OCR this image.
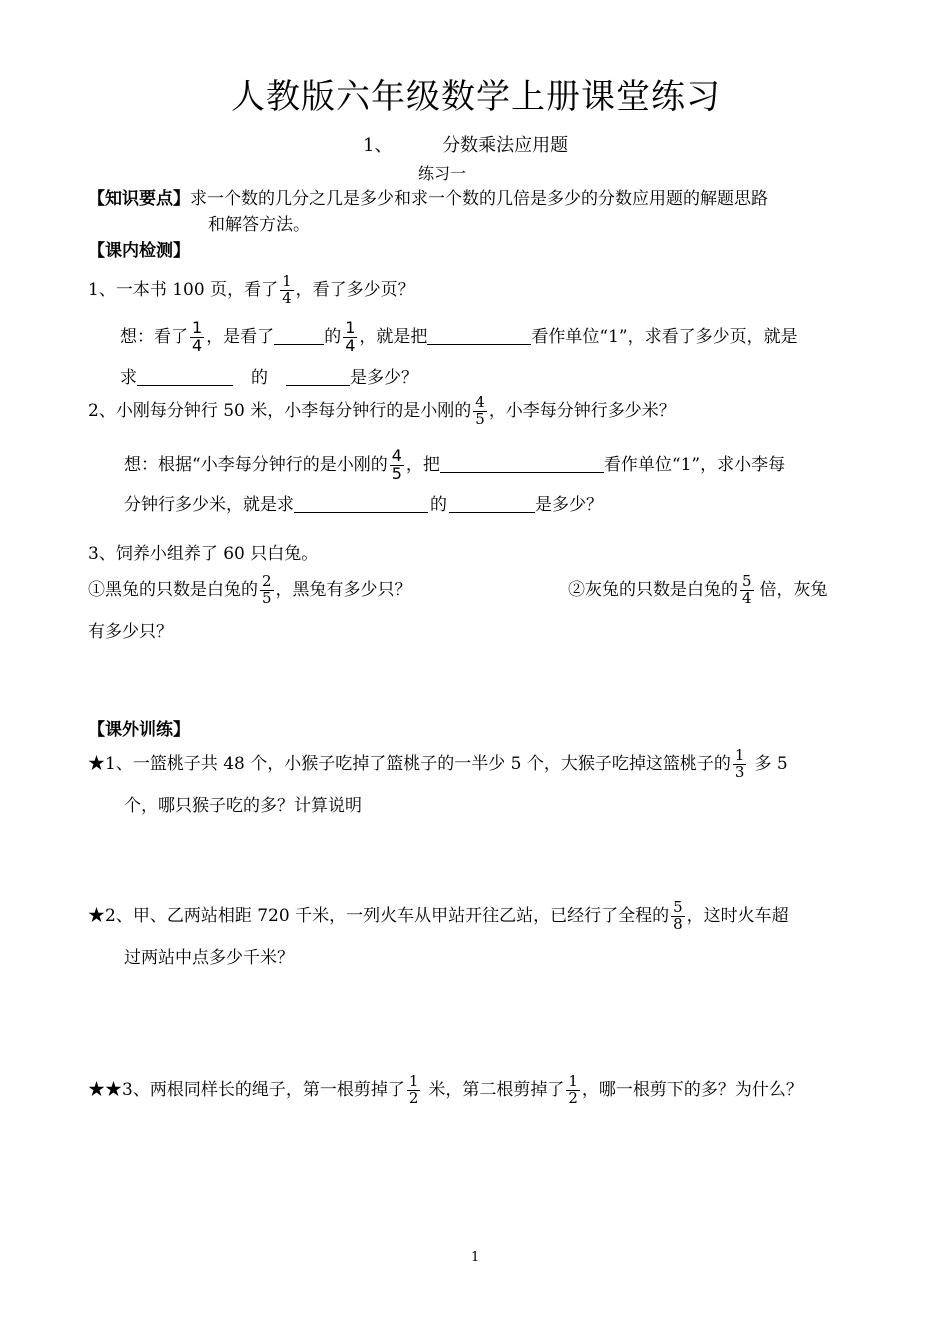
人教版六年级数学上册课堂练习
1、	分数乘法应用题
练习一
【知识要点】 求一个数的几分之几是多少和求一个数的几倍是多少的分数应用题的解题思路
和解答方法。
【课内检测】
1、一本书 100 页，看了 $\frac{1}{4}$ ，看了多少页？
想：看了 $\frac{1}{4}$ ，是看了	的 $\frac{1}{4}$ ，就是把	看作单位“1”，求看了多少页，就是
求	的	是多少？
2、小刚每分钟行 50 米，小李每分钟行的是小刚的 $\frac{4}{5}$ ，小李每分钟行多少米？
想：根据“小李每分钟行的是小刚的 $\frac{4}{5}$ ，把	看作单位“1”，求小李每
分钟行多少米，就是求	的	是多少？
3、饲养小组养了 60 只白兔。
①黑兔的只数是白兔的 $\frac{2}{5}$ ，黑兔有多少只？	②灰兔的只数是白兔的 $\frac{5}{4}$ 倍，灰兔
有多少只？
【课外训练】
★1、一篮桃子共 48 个，小猴子吃掉了篮桃子的一半少 5 个，大猴子吃掉这篮桃子的 $\frac{1}{3}$ 多 5
个，哪只猴子吃的多？计算说明
★2、甲、乙两站相距 720 千米，一列火车从甲站开往乙站，已经行了全程的 $\frac{5}{8}$ ，这时火车超
过两站中点多少千米？
★★3、两根同样长的绳子，第一根剪掉了 $\frac{1}{2}$ 米，第二根剪掉了 $\frac{1}{2}$ ，哪一根剪下的多？为什么？
1
